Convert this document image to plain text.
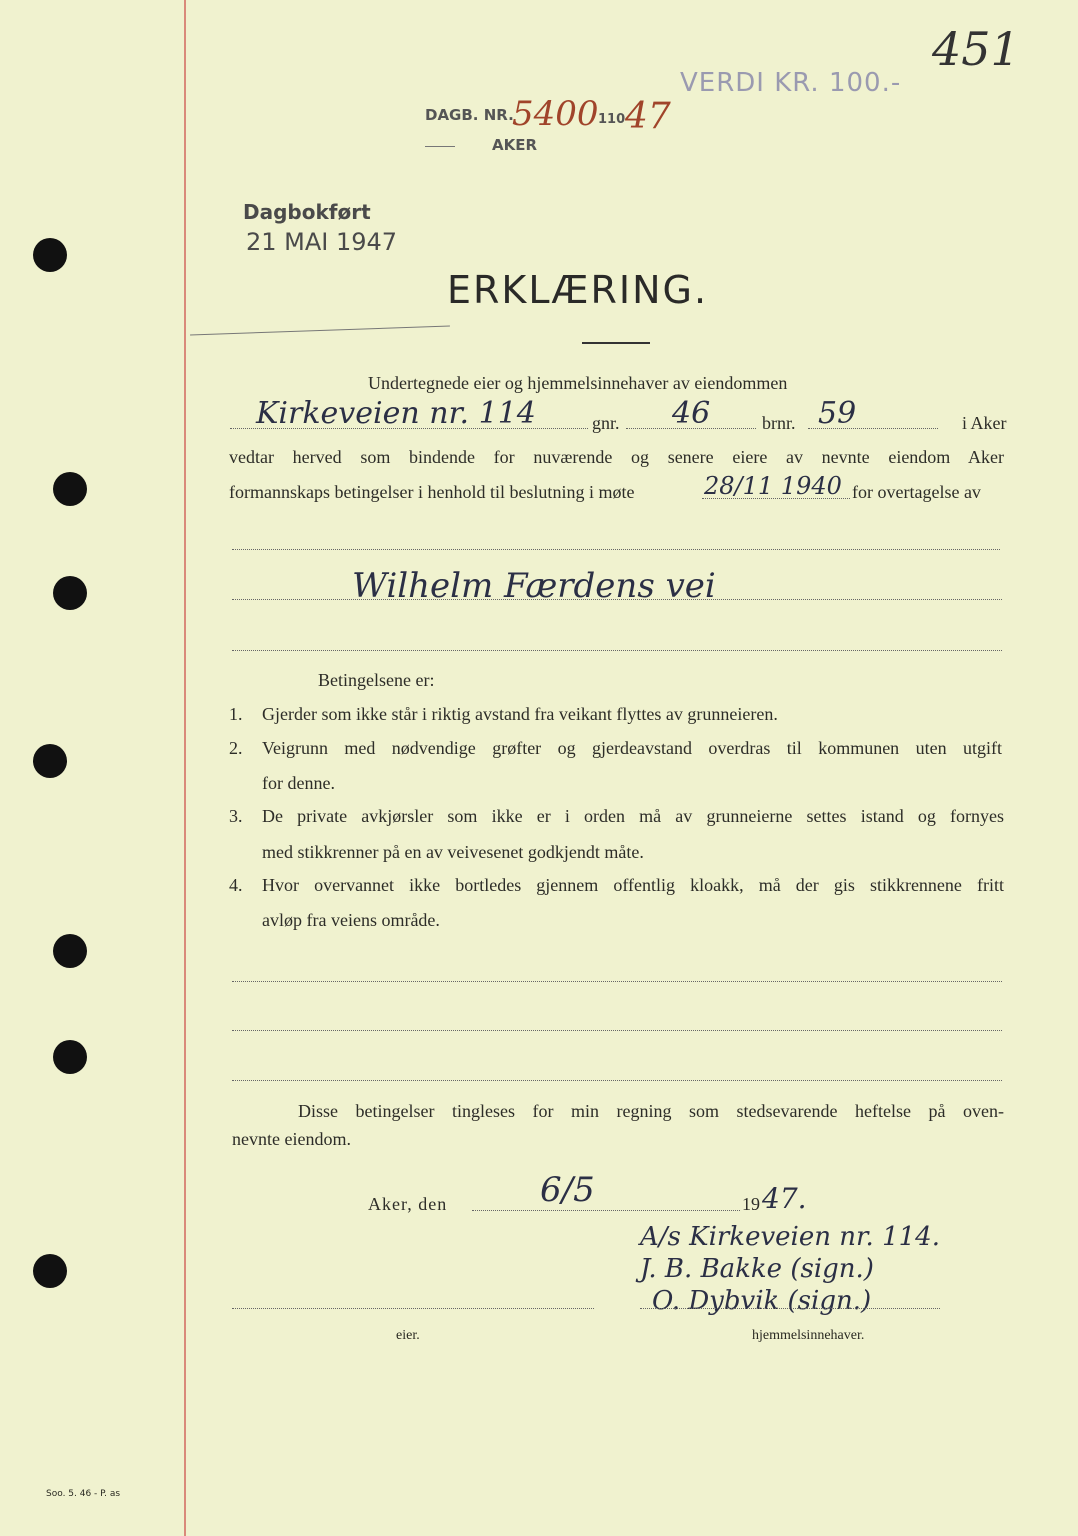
451
VERDI KR. 100.-
DAGB. NR.
5400 110 47
AKER
Dagbokført
21 MAI 1947
ERKLÆRING.
Undertegnede eier og hjemmelsinnehaver av eiendommen
Kirkeveien nr. 114	gnr. 46	brnr. 59	i Aker
vedtar herved som bindende for nuværende og senere eiere av nevnte eiendom Aker
formannskaps betingelser i henhold til beslutning i møte	28/11 1940 for overtagelse av
Wilhelm Færdens vei
Betingelsene er:
1. Gjerder som ikke står i riktig avstand fra veikant flyttes av grunneieren.
2. Veigrunn med nødvendige grøfter og gjerdeavstand overdras til kommunen uten utgift
for denne.
3. De private avkjørsler som ikke er i orden må av grunneierne settes istand og fornyes
med stikkrenner på en av veivesenet godkjendt måte.
4. Hvor overvannet ikke bortledes gjennem offentlig kloakk, må der gis stikkrennene fritt
avløp fra veiens område.
Disse betingelser tingleses for min regning som stedsevarende heftelse på oven-
nevnte eiendom.
Aker, den	6/5	19 47.
A/s Kirkeveien nr. 114.
J. B. Bakke (sign.)
O. Dybvik (sign.)
eier.	hjemmelsinnehaver.
Soo. 5. 46 - P. as
